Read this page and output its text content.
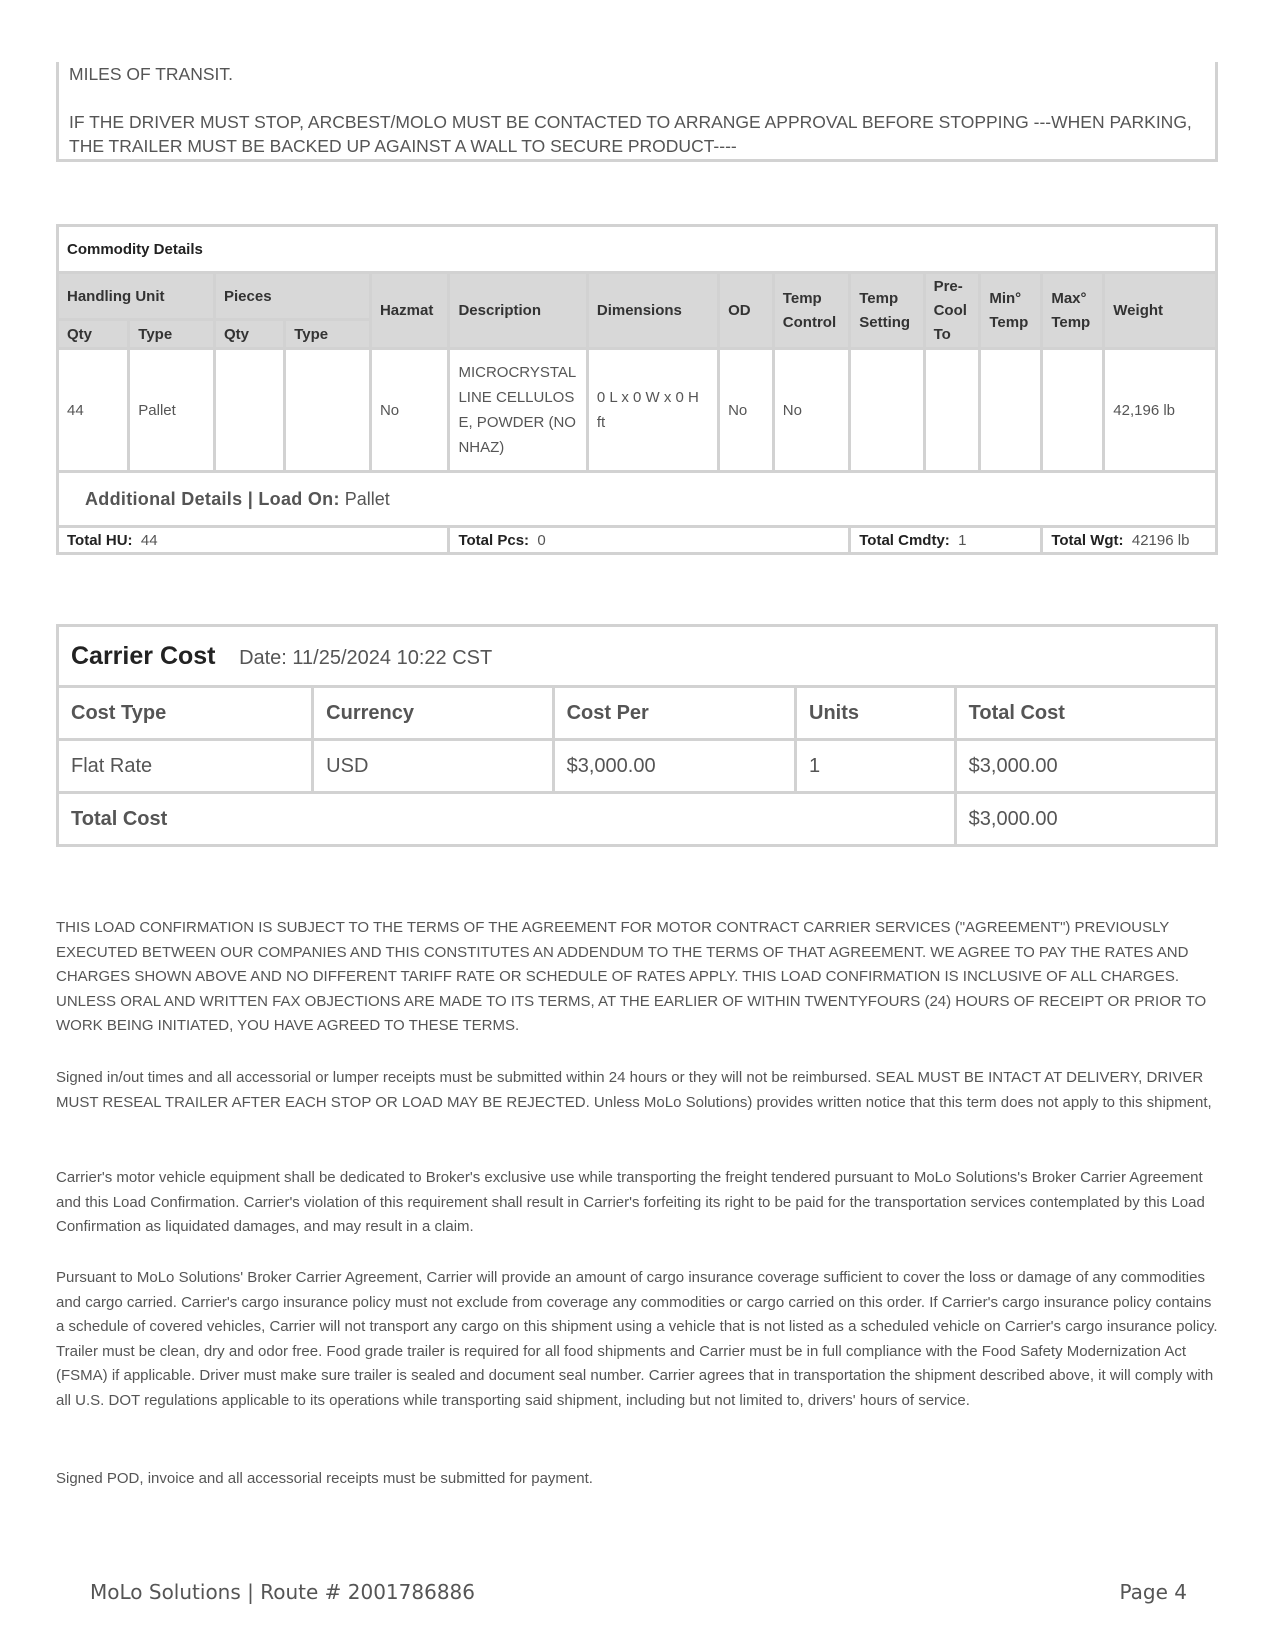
MILES OF TRANSIT.

IF THE DRIVER MUST STOP, ARCBEST/MOLO MUST BE CONTACTED TO ARRANGE APPROVAL BEFORE STOPPING ---WHEN PARKING, THE TRAILER MUST BE BACKED UP AGAINST A WALL TO SECURE PRODUCT----

Commodity Details													
Handling Unit		Pieces		Hazmat	Description	Dimensions	OD	Temp Control	Temp Setting	Pre-Cool To	Min° Temp	Max° Temp	Weight
Qty	Type	Qty	Type										
44	Pallet			No	MICROCRYSTALLINE CELLULOSE, POWDER (NONHAZ)	0 L x 0 W x 0 H ft	No	No					42,196 lb
Additional Details | Load On: Pallet													
Total HU: 44					Total Pcs: 0				Total Cmdty: 1			Total Wgt: 42196 lb	
Carrier Cost Date: 11/25/2024 10:22 CST				
Cost Type	Currency	Cost Per	Units	Total Cost
Flat Rate	USD	$3,000.00	1	$3,000.00
Total Cost				$3,000.00

THIS LOAD CONFIRMATION IS SUBJECT TO THE TERMS OF THE AGREEMENT FOR MOTOR CONTRACT CARRIER SERVICES ("AGREEMENT") PREVIOUSLY EXECUTED BETWEEN OUR COMPANIES AND THIS CONSTITUTES AN ADDENDUM TO THE TERMS OF THAT AGREEMENT. WE AGREE TO PAY THE RATES AND CHARGES SHOWN ABOVE AND NO DIFFERENT TARIFF RATE OR SCHEDULE OF RATES APPLY. THIS LOAD CONFIRMATION IS INCLUSIVE OF ALL CHARGES. UNLESS ORAL AND WRITTEN FAX OBJECTIONS ARE MADE TO ITS TERMS, AT THE EARLIER OF WITHIN TWENTYFOURS (24) HOURS OF RECEIPT OR PRIOR TO WORK BEING INITIATED, YOU HAVE AGREED TO THESE TERMS.

Signed in/out times and all accessorial or lumper receipts must be submitted within 24 hours or they will not be reimbursed. SEAL MUST BE INTACT AT DELIVERY, DRIVER MUST RESEAL TRAILER AFTER EACH STOP OR LOAD MAY BE REJECTED. Unless MoLo Solutions) provides written notice that this term does not apply to this shipment,

Carrier's motor vehicle equipment shall be dedicated to Broker's exclusive use while transporting the freight tendered pursuant to MoLo Solutions's Broker Carrier Agreement and this Load Confirmation. Carrier's violation of this requirement shall result in Carrier's forfeiting its right to be paid for the transportation services contemplated by this Load Confirmation as liquidated damages, and may result in a claim.

Pursuant to MoLo Solutions' Broker Carrier Agreement, Carrier will provide an amount of cargo insurance coverage sufficient to cover the loss or damage of any commodities and cargo carried. Carrier's cargo insurance policy must not exclude from coverage any commodities or cargo carried on this order. If Carrier's cargo insurance policy contains a schedule of covered vehicles, Carrier will not transport any cargo on this shipment using a vehicle that is not listed as a scheduled vehicle on Carrier's cargo insurance policy. Trailer must be clean, dry and odor free. Food grade trailer is required for all food shipments and Carrier must be in full compliance with the Food Safety Modernization Act (FSMA) if applicable. Driver must make sure trailer is sealed and document seal number. Carrier agrees that in transportation the shipment described above, it will comply with all U.S. DOT regulations applicable to its operations while transporting said shipment, including but not limited to, drivers' hours of service.

Signed POD, invoice and all accessorial receipts must be submitted for payment.

MoLo Solutions | Route # 2001786886	Page 4
